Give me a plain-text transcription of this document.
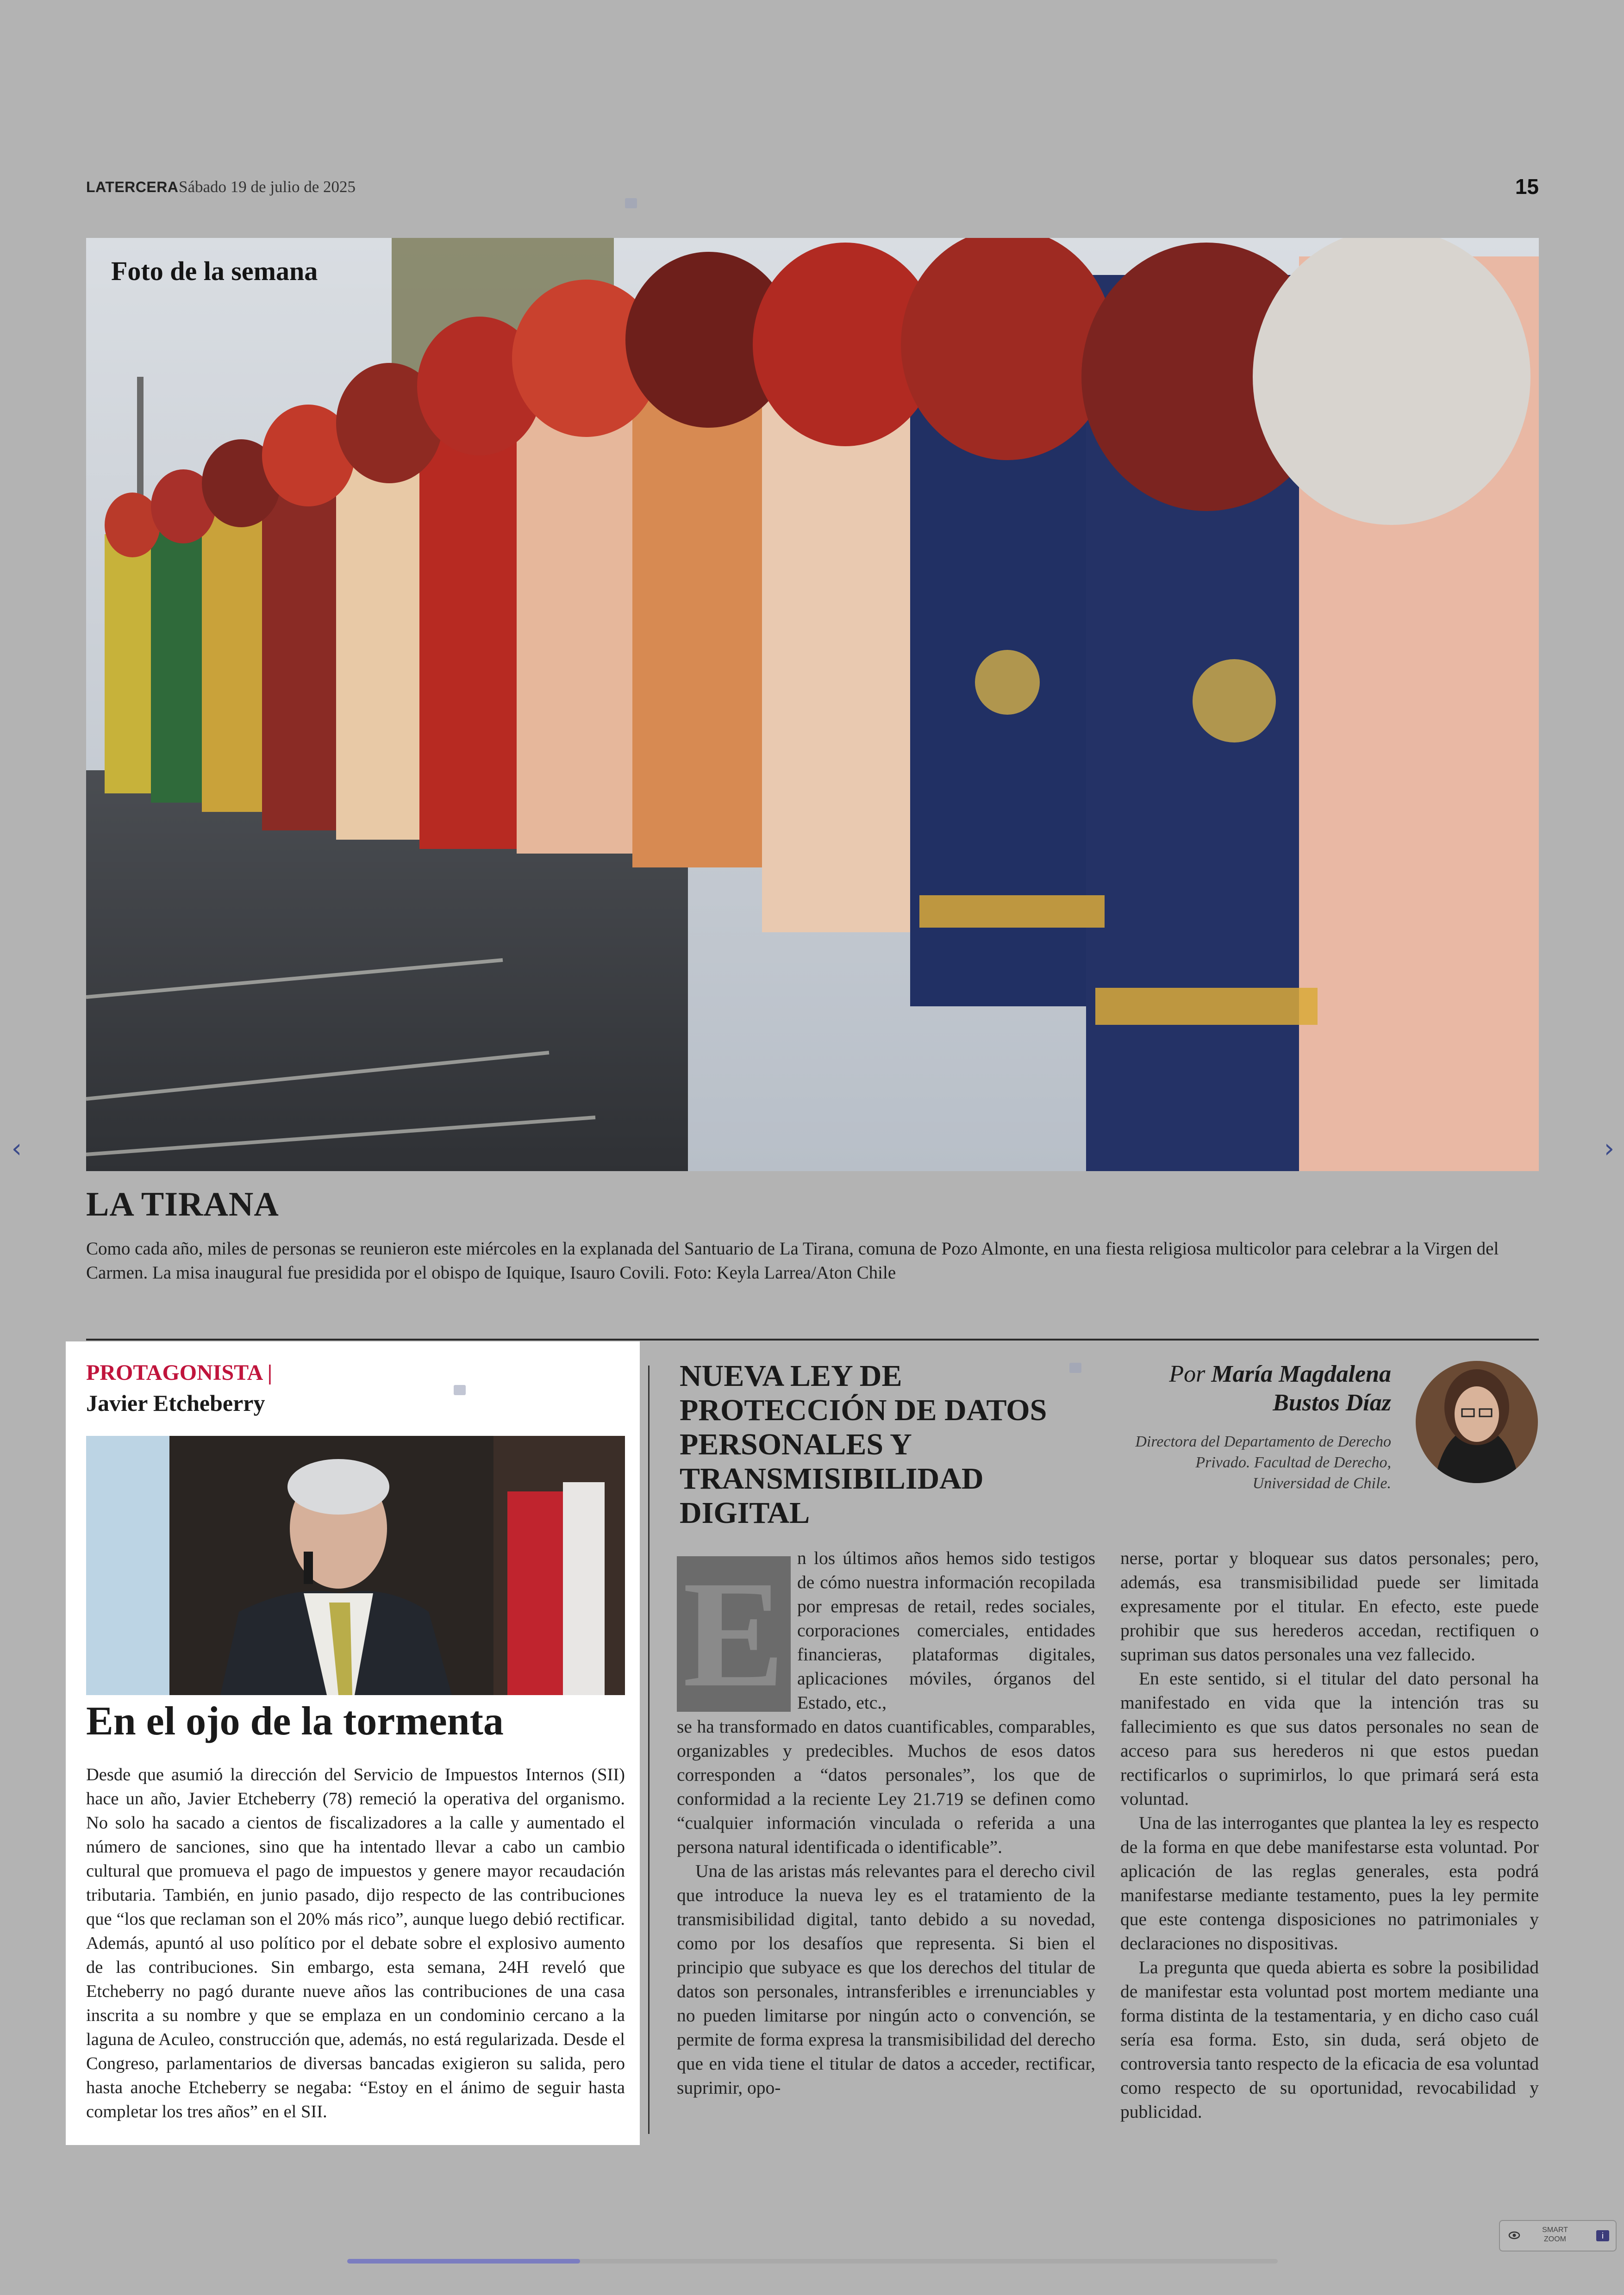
LATERCERA Sábado 19 de julio de 2025	15
Foto de la semana
LA TIRANA
Como cada año, miles de personas se reunieron este miércoles en la explanada del Santuario de La Tirana, comuna de Pozo Almonte, en una fiesta religiosa multicolor para celebrar a la Virgen del Carmen. La misa inaugural fue presidida por el obispo de Iquique, Isauro Covili. Foto: Keyla Larrea/Aton Chile
PROTAGONISTA |
Javier Etcheberry
En el ojo de la tormenta
Desde que asumió la dirección del Servicio de Impuestos Internos (SII) hace un año, Javier Etcheberry (78) remeció la operativa del organismo. No solo ha sacado a cientos de fiscalizadores a la calle y aumentado el número de sanciones, sino que ha intentado llevar a cabo un cambio cultural que promueva el pago de impuestos y genere mayor recaudación tributaria. También, en junio pasado, dijo respecto de las contribuciones que “los que reclaman son el 20% más rico”, aunque luego debió rectificar. Además, apuntó al uso político por el debate sobre el explosivo aumento de las contribuciones. Sin embargo, esta semana, 24H reveló que Etcheberry no pagó durante nueve años las contribuciones de una casa inscrita a su nombre y que se emplaza en un condominio cercano a la laguna de Aculeo, construcción que, además, no está regularizada. Desde el Congreso, parlamentarios de diversas bancadas exigieron su salida, pero hasta anoche Etcheberry se negaba: “Estoy en el ánimo de seguir hasta completar los tres años” en el SII.
NUEVA LEY DE PROTECCIÓN DE DATOS PERSONALES Y TRANSMISIBILIDAD DIGITAL
Por María Magdalena
Bustos Díaz
Directora del Departamento de Derecho Privado. Facultad de Derecho, Universidad de Chile.
E n los últimos años hemos sido testigos de cómo nuestra información recopilada por empresas de retail, redes sociales, corporaciones comerciales, entidades financieras, plataformas digitales, aplicaciones móviles, órganos del Estado, etc.,

se ha transformado en datos cuantificables, comparables, organizables y predecibles. Muchos de esos datos corresponden a “datos personales”, los que de conformidad a la reciente Ley 21.719 se definen como “cualquier información vinculada o referida a una persona natural identificada o identificable”.

Una de las aristas más relevantes para el derecho civil que introduce la nueva ley es el tratamiento de la transmisibilidad digital, tanto debido a su novedad, como por los desafíos que representa. Si bien el principio que subyace es que los derechos del titular de datos son personales, intransferibles e irrenunciables y no pueden limitarse por ningún acto o convención, se permite de forma expresa la transmisibilidad del derecho que en vida tiene el titular de datos a acceder, rectificar, suprimir, opo-

nerse, portar y bloquear sus datos personales; pero, además, esa transmisibilidad puede ser limitada expresamente por el titular. En efecto, este puede prohibir que sus herederos accedan, rectifiquen o supriman sus datos personales una vez fallecido.

En este sentido, si el titular del dato personal ha manifestado en vida que la intención tras su fallecimiento es que sus datos personales no sean de acceso para sus herederos ni que estos puedan rectificarlos o suprimirlos, lo que primará será esta voluntad.

Una de las interrogantes que plantea la ley es respecto de la forma en que debe manifestarse esta voluntad. Por aplicación de las reglas generales, esta podrá manifestarse mediante testamento, pues la ley permite que este contenga disposiciones no patrimoniales y declaraciones no dispositivas.

La pregunta que queda abierta es sobre la posibilidad de manifestar esta voluntad post mortem mediante una forma distinta de la testamentaria, y en dicho caso cuál sería esa forma. Esto, sin duda, será objeto de controversia tanto respecto de la eficacia de esa voluntad como respecto de su oportunidad, revocabilidad y publicidad.

‹	›
SMART ZOOM	i
